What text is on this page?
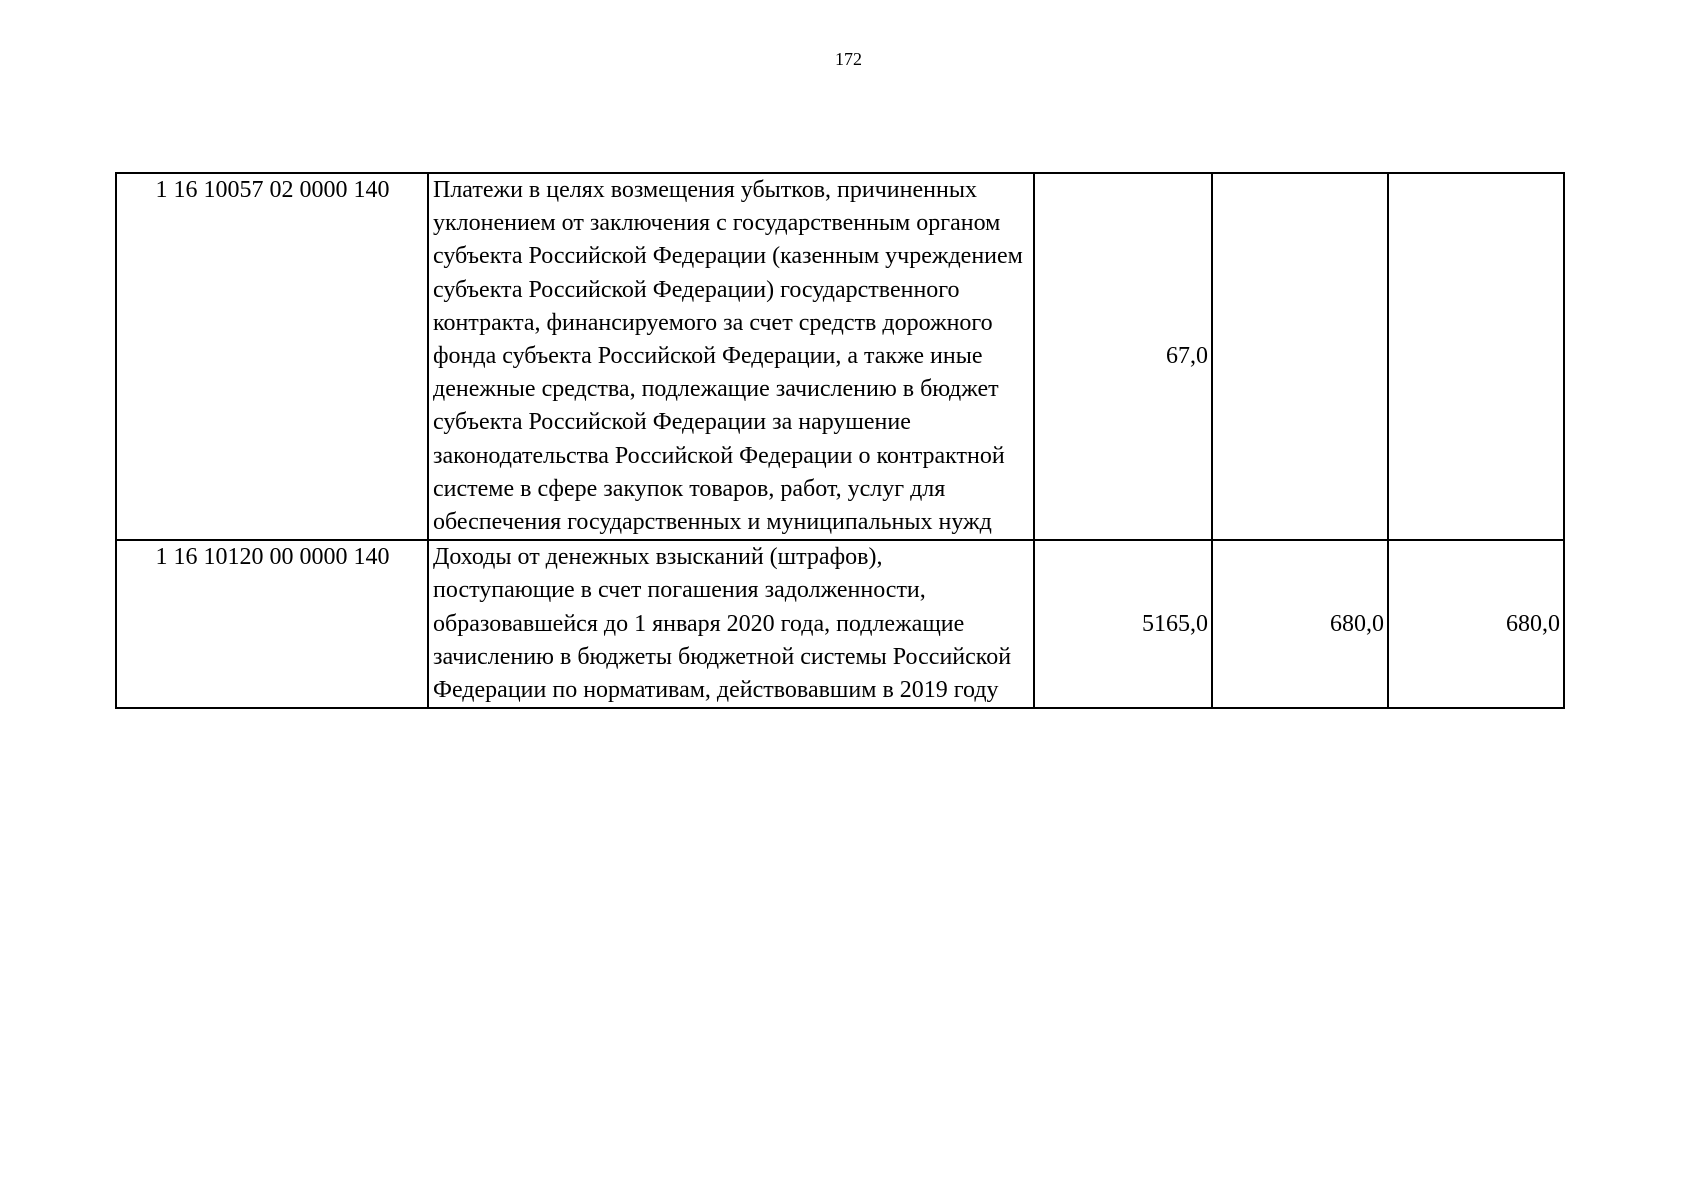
172
1 16 10057 02 0000 140	Платежи в целях возмещения убытков, причиненных уклонением от заключения с государственным органом субъекта Российской Федерации (казенным учреждением субъекта Российской Федерации) государственного контракта, финансируемого за счет средств дорожного фонда субъекта Российской Федерации, а также иные денежные средства, подлежащие зачислению в бюджет субъекта Российской Федерации за нарушение законодательства Российской Федерации о контрактной системе в сфере закупок товаров, работ, услуг для обеспечения государственных и муниципальных нужд	67,0		
1 16 10120 00 0000 140	Доходы от денежных взысканий (штрафов), поступающие в счет погашения задолженности, образовавшейся до 1 января 2020 года, подлежащие зачислению в бюджеты бюджетной системы Российской Федерации по нормативам, действовавшим в 2019 году	5165,0	680,0	680,0
